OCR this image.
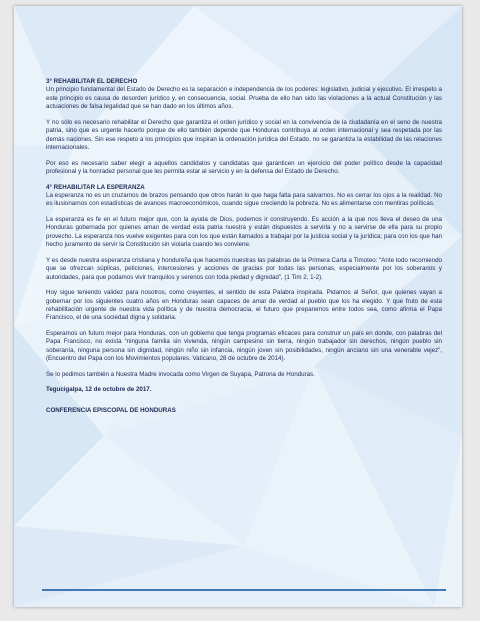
3° REHABILITAR EL DERECHO

Un principio fundamental del Estado de Derecho es la separación e independencia de los poderes: legislativo, judicial y ejecutivo. El irrespeto a este principio es causa de desorden jurídico y, en consecuencia, social. Prueba de ello han sido las violaciones a la actual Constitución y las actuaciones de falsa legalidad que se han dado en los últimos años.

Y no sólo es necesario rehabilitar el Derecho que garantiza el orden jurídico y social en la convivencia de la ciudadanía en el seno de nuestra patria, sino que es urgente hacerlo porque de ello también depende que Honduras contribuya al orden internacional y sea respetada por las demás naciones. Sin ese respeto a los principios que inspiran la ordenación jurídica del Estado, no se garantiza la estabilidad de las relaciones internacionales.

Por eso es necesario saber elegir a aquellos candidatos y candidatas que garanticen un ejercicio del poder político desde la capacidad profesional y la honradez personal que les permita estar al servicio y en la defensa del Estado de Derecho.

4° REHABILITAR LA ESPERANZA

La esperanza no es un cruzarnos de brazos pensando que otros harán lo que haga falta para salvarnos. No es cerrar los ojos a la realidad. No es ilusionarnos con estadísticas de avances macroeconómicos, cuando sigue creciendo la pobreza. No es alimentarse con mentiras políticas.

La esperanza es fe en el futuro mejor que, con la ayuda de Dios, podemos ir construyendo. Es acción a la que nos lleva el deseo de una Honduras gobernada por quienes aman de verdad esta patria nuestra y están dispuestos a servirla y no a servirse de ella para su propio provecho. La esperanza nos vuelve exigentes para con los que están llamados a trabajar por la justicia social y la jurídica; para con los que han hecho juramento de servir la Constitución sin violarla cuando les conviene.

Y es desde nuestra esperanza cristiana y hondureña que hacemos nuestras las palabras de la Primera Carta a Timoteo: “Ante todo recomiendo que se ofrezcan súplicas, peticiones, intercesiones y acciones de gracias por todas las personas, especialmente por los soberanos y autoridades, para que podamos vivir tranquilos y serenos con toda piedad y dignidad”, (1 Tim 2, 1-2).

Hoy sigue teniendo validez para nosotros, como creyentes, el sentido de esta Palabra inspirada. Pidamos al Señor, que quienes vayan a gobernar por los siguientes cuatro años en Honduras sean capaces de amar de verdad al pueblo que los ha elegido. Y que fruto de esta rehabilitación urgente de nuestra vida política y de nuestra democracia, el futuro que preparemos entre todos sea, como afirma el Papa Francisco, el de una sociedad digna y solidaria.

Esperamos un futuro mejor para Honduras, con un gobierno que tenga programas eficaces para construir un país en donde, con palabras del Papa Francisco, no exista “ninguna familia sin vivienda, ningún campesino sin tierra, ningún trabajador sin derechos, ningún pueblo sin soberanía, ninguna persona sin dignidad, ningún niño sin infancia, ningún joven sin posibilidades, ningún anciano sin una venerable vejez”, (Encuentro del Papa con los Movimientos populares. Vaticano, 28 de octubre de 2014).

Se lo pedimos también a Nuestra Madre invocada como Virgen de Suyapa, Patrona de Honduras.

Tegucigalpa, 12 de octubre de 2017.

CONFERENCIA EPISCOPAL DE HONDURAS
